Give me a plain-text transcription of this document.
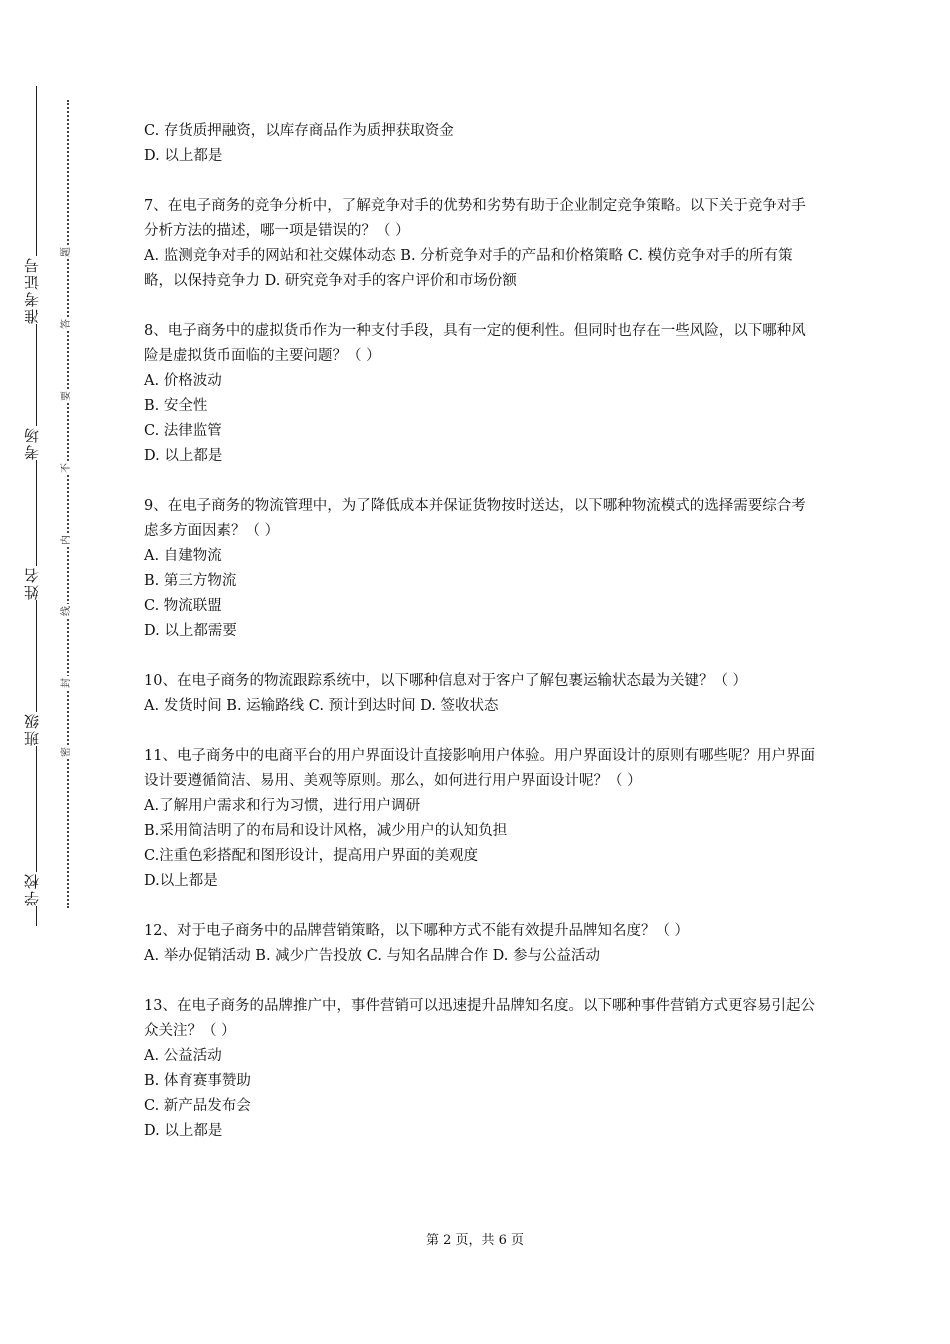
学校
班级
姓名
考场
准考证号
密
封
线
内
不
要
答
题

C. 存货质押融资，以库存商品作为质押获取资金

D. 以上都是

7、在电子商务的竞争分析中，了解竞争对手的优势和劣势有助于企业制定竞争策略。以下关于竞争对手分析方法的描述，哪一项是错误的？（ ）

A. 监测竞争对手的网站和社交媒体动态 B. 分析竞争对手的产品和价格策略 C. 模仿竞争对手的所有策略，以保持竞争力 D. 研究竞争对手的客户评价和市场份额

8、电子商务中的虚拟货币作为一种支付手段，具有一定的便利性。但同时也存在一些风险，以下哪种风险是虚拟货币面临的主要问题？（ ）

A. 价格波动

B. 安全性

C. 法律监管

D. 以上都是

9、在电子商务的物流管理中，为了降低成本并保证货物按时送达，以下哪种物流模式的选择需要综合考虑多方面因素？（ ）

A. 自建物流

B. 第三方物流

C. 物流联盟

D. 以上都需要

10、在电子商务的物流跟踪系统中，以下哪种信息对于客户了解包裹运输状态最为关键？（ ）

A. 发货时间 B. 运输路线 C. 预计到达时间 D. 签收状态

11、电子商务中的电商平台的用户界面设计直接影响用户体验。用户界面设计的原则有哪些呢？用户界面设计要遵循简洁、易用、美观等原则。那么，如何进行用户界面设计呢？（ ）

A.了解用户需求和行为习惯，进行用户调研

B.采用简洁明了的布局和设计风格，减少用户的认知负担

C.注重色彩搭配和图形设计，提高用户界面的美观度

D.以上都是

12、对于电子商务中的品牌营销策略，以下哪种方式不能有效提升品牌知名度？（ ）

A. 举办促销活动 B. 减少广告投放 C. 与知名品牌合作 D. 参与公益活动

13、在电子商务的品牌推广中，事件营销可以迅速提升品牌知名度。以下哪种事件营销方式更容易引起公众关注？（ ）

A. 公益活动

B. 体育赛事赞助

C. 新产品发布会

D. 以上都是

第 2 页，共 6 页
